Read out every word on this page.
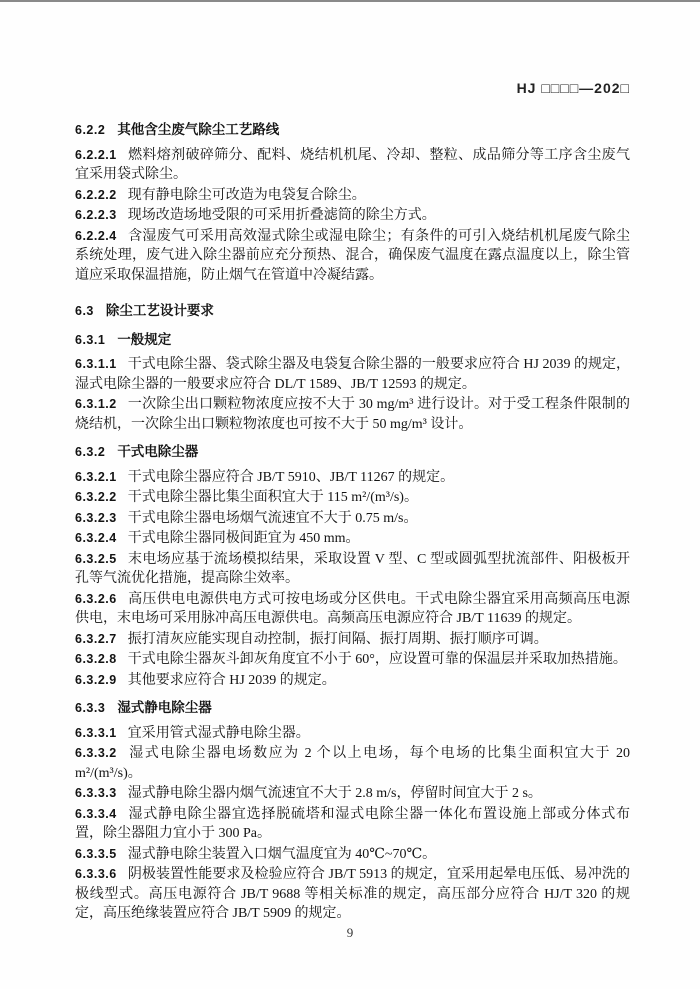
HJ □□□□—202□

6.2.2 其他含尘废气除尘工艺路线

6.2.2.1 燃料熔剂破碎筛分、配料、烧结机机尾、冷却、整粒、成品筛分等工序含尘废气宜采用袋式除尘。

6.2.2.2 现有静电除尘可改造为电袋复合除尘。

6.2.2.3 现场改造场地受限的可采用折叠滤筒的除尘方式。

6.2.2.4 含湿废气可采用高效湿式除尘或湿电除尘；有条件的可引入烧结机机尾废气除尘系统处理，废气进入除尘器前应充分预热、混合，确保废气温度在露点温度以上，除尘管道应采取保温措施，防止烟气在管道中冷凝结露。

6.3 除尘工艺设计要求

6.3.1 一般规定

6.3.1.1 干式电除尘器、袋式除尘器及电袋复合除尘器的一般要求应符合 HJ 2039 的规定，湿式电除尘器的一般要求应符合 DL/T 1589、JB/T 12593 的规定。

6.3.1.2 一次除尘出口颗粒物浓度应按不大于 30 mg/m³ 进行设计。对于受工程条件限制的烧结机，一次除尘出口颗粒物浓度也可按不大于 50 mg/m³ 设计。

6.3.2 干式电除尘器

6.3.2.1 干式电除尘器应符合 JB/T 5910、JB/T 11267 的规定。

6.3.2.2 干式电除尘器比集尘面积宜大于 115 m²/(m³/s)。

6.3.2.3 干式电除尘器电场烟气流速宜不大于 0.75 m/s。

6.3.2.4 干式电除尘器同极间距宜为 450 mm。

6.3.2.5 末电场应基于流场模拟结果，采取设置 V 型、C 型或圆弧型扰流部件、阳极板开孔等气流优化措施，提高除尘效率。

6.3.2.6 高压供电电源供电方式可按电场或分区供电。干式电除尘器宜采用高频高压电源供电，末电场可采用脉冲高压电源供电。高频高压电源应符合 JB/T 11639 的规定。

6.3.2.7 振打清灰应能实现自动控制，振打间隔、振打周期、振打顺序可调。

6.3.2.8 干式电除尘器灰斗卸灰角度宜不小于 60°，应设置可靠的保温层并采取加热措施。

6.3.2.9 其他要求应符合 HJ 2039 的规定。

6.3.3 湿式静电除尘器

6.3.3.1 宜采用管式湿式静电除尘器。

6.3.3.2 湿式电除尘器电场数应为 2 个以上电场，每个电场的比集尘面积宜大于 20 m²/(m³/s)。

6.3.3.3 湿式静电除尘器内烟气流速宜不大于 2.8 m/s，停留时间宜大于 2 s。

6.3.3.4 湿式静电除尘器宜选择脱硫塔和湿式电除尘器一体化布置设施上部或分体式布置，除尘器阻力宜小于 300 Pa。

6.3.3.5 湿式静电除尘装置入口烟气温度宜为 40℃~70℃。

6.3.3.6 阴极装置性能要求及检验应符合 JB/T 5913 的规定，宜采用起晕电压低、易冲洗的极线型式。高压电源符合 JB/T 9688 等相关标准的规定，高压部分应符合 HJ/T 320 的规定，高压绝缘装置应符合 JB/T 5909 的规定。

9
